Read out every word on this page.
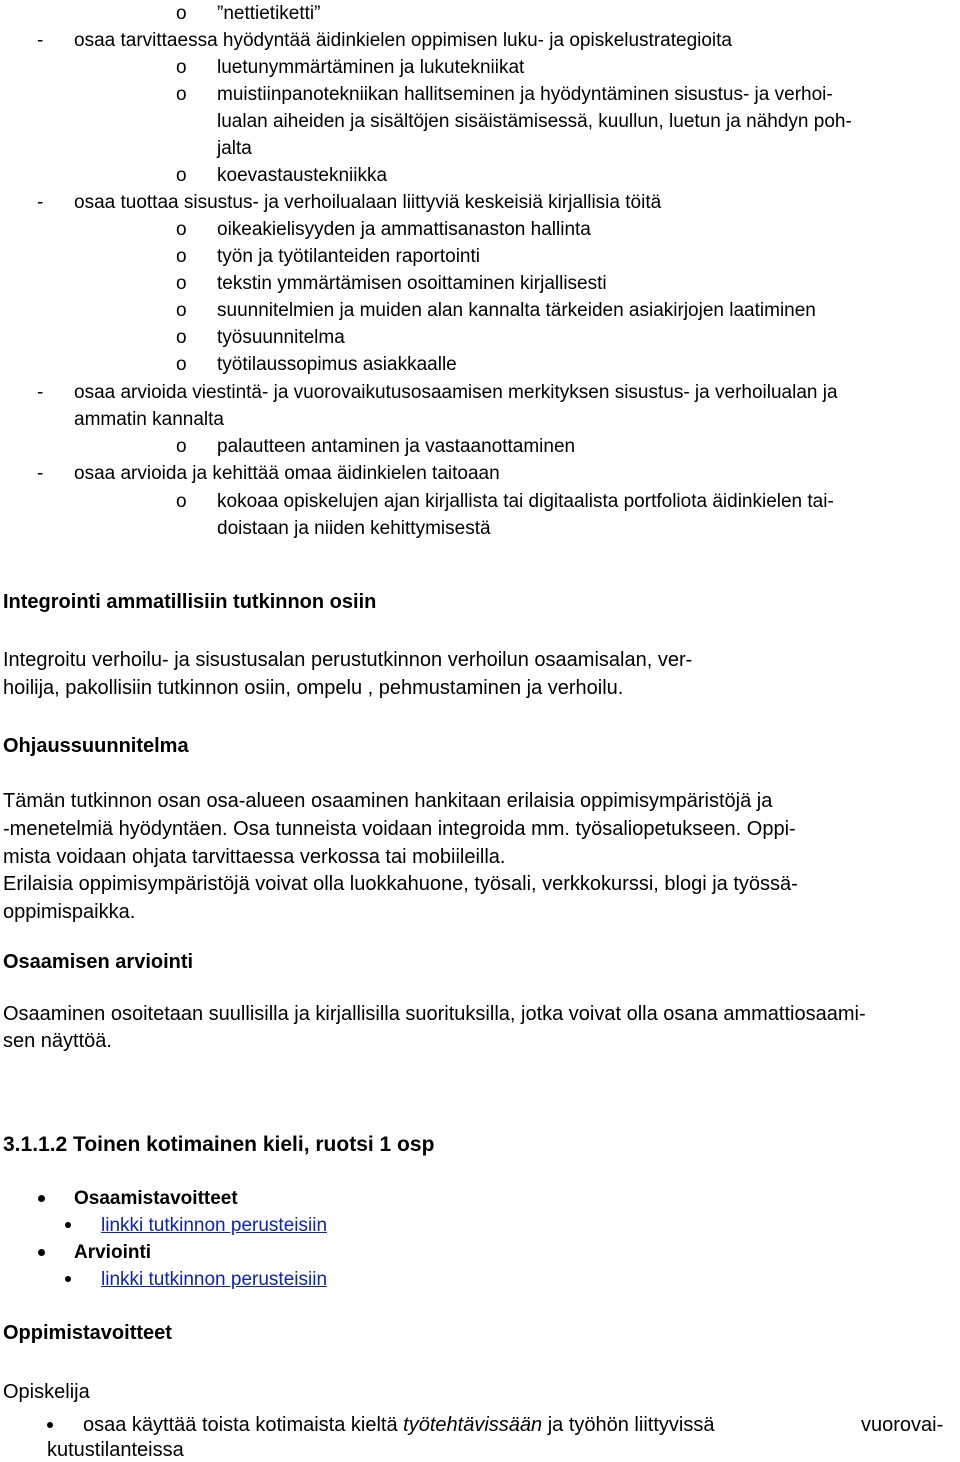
o ”nettietiketti”
- osaa tarvittaessa hyödyntää äidinkielen oppimisen luku- ja opiskelustrategioita
o luetunymmärtäminen ja lukutekniikat
o muistiinpanotekniikan hallitseminen ja hyödyntäminen sisustus- ja verhoi-
lualan aiheiden ja sisältöjen sisäistämisessä, kuullun, luetun ja nähdyn poh-
jalta
o koevastaustekniikka
- osaa tuottaa sisustus- ja verhoilualaan liittyviä keskeisiä kirjallisia töitä
o oikeakielisyyden ja ammattisanaston hallinta
o työn ja työtilanteiden raportointi
o tekstin ymmärtämisen osoittaminen kirjallisesti
o suunnitelmien ja muiden alan kannalta tärkeiden asiakirjojen laatiminen
o työsuunnitelma
o työtilaussopimus asiakkaalle
- osaa arvioida viestintä- ja vuorovaikutusosaamisen merkityksen sisustus- ja verhoilualan ja
ammatin kannalta
o palautteen antaminen ja vastaanottaminen
- osaa arvioida ja kehittää omaa äidinkielen taitoaan
o kokoaa opiskelujen ajan kirjallista tai digitaalista portfoliota äidinkielen tai-
doistaan ja niiden kehittymisestä
Integrointi ammatillisiin tutkinnon osiin
Integroitu verhoilu- ja sisustusalan perustutkinnon verhoilun osaamisalan, ver-
hoilija, pakollisiin tutkinnon osiin, ompelu , pehmustaminen ja verhoilu.
Ohjaussuunnitelma
Tämän tutkinnon osan osa-alueen osaaminen hankitaan erilaisia oppimisympäristöjä ja
-menetelmiä hyödyntäen. Osa tunneista voidaan integroida mm. työsaliopetukseen. Oppi-
mista voidaan ohjata tarvittaessa verkossa tai mobiileilla.
Erilaisia oppimisympäristöjä voivat olla luokkahuone, työsali, verkkokurssi, blogi ja työssä-
oppimispaikka.
Osaamisen arviointi
Osaaminen osoitetaan suullisilla ja kirjallisilla suorituksilla, jotka voivat olla osana ammattiosaami-
sen näyttöä.
3.1.1.2 Toinen kotimainen kieli, ruotsi 1 osp
Osaamistavoitteet
linkki tutkinnon perusteisiin
Arviointi
linkki tutkinnon perusteisiin
Oppimistavoitteet
Opiskelija
osaa käyttää toista kotimaista kieltä työtehtävissään ja työhön liittyvissä	vuorovai-
kutustilanteissa
